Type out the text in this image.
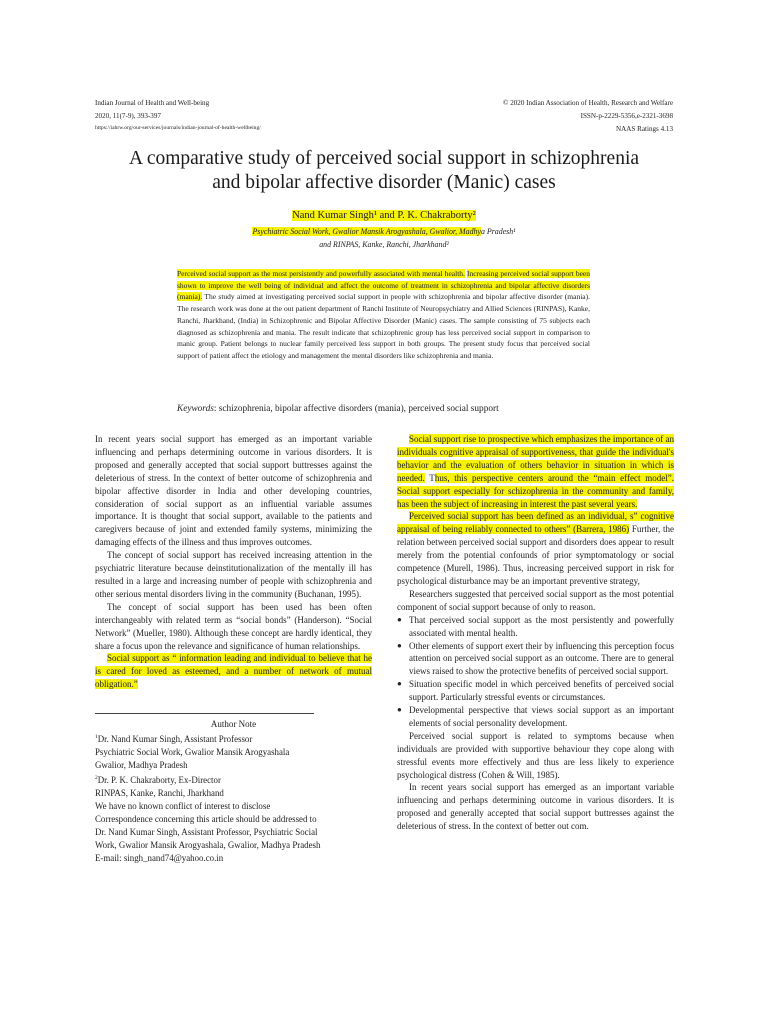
Indian Journal of Health and Well-being
2020, 11(7-9), 393-397
https://iahrw.org/our-services/journals/indian-journal-of-health-wellbeing/
© 2020 Indian Association of Health, Research and Welfare
ISSN-p-2229-5356,e-2321-3698
NAAS Ratings 4.13
A comparative study of perceived social support in schizophrenia
and bipolar affective disorder (Manic) cases
Nand Kumar Singh¹ and P. K. Chakraborty²
Psychiatric Social Work, Gwalior Mansik Arogyashala, Gwalior, Madhya Pradesh¹
and RINPAS, Kanke, Ranchi, Jharkhand²
Perceived social support as the most persistently and powerfully associated with mental health. Increasing perceived social support been shown to improve the well being of individual and affect the outcome of treatment in schizophrenia and bipolar affective disorders (mania). The study aimed at investigating perceived social support in people with schizophrenia and bipolar affective disorder (mania). The research work was done at the out patient department of Ranchi Institute of Neuropsychiatry and Allied Sciences (RINPAS), Kanke, Ranchi, Jharkhand, (India) in Schizophrenic and Bipolar Affective Disorder (Manic) cases. The sample consisting of 75 subjects each diagnosed as schizophrenia and mania. The result indicate that schizophrenic group has less perceived social support in comparison to manic group. Patient belongs to nuclear family perceived less support in both groups. The present study focus that perceived social support of patient affect the etiology and management the mental disorders like schizophrenia and mania.
Keywords: schizophrenia, bipolar affective disorders (mania), perceived social support

In recent years social support has emerged as an important variable influencing and perhaps determining outcome in various disorders. It is proposed and generally accepted that social support buttresses against the deleterious of stress. In the context of better outcome of schizophrenia and bipolar affective disorder in India and other developing countries, consideration of social support as an influential variable assumes importance. It is thought that social support, available to the patients and caregivers because of joint and extended family systems, minimizing the damaging effects of the illness and thus improves outcomes.

The concept of social support has received increasing attention in the psychiatric literature because deinstitutionalization of the mentally ill has resulted in a large and increasing number of people with schizophrenia and other serious mental disorders living in the community (Buchanan, 1995).

The concept of social support has been used has been often interchangeably with related term as “social bonds” (Handerson). “Social Network” (Mueller, 1980). Although these concept are hardly identical, they share a focus upon the relevance and significance of human relationships.

Social support as “ information leading and individual to believe that he is cared for loved as esteemed, and a number of network of mutual obligation.”

Author Note
$^1$Dr. Nand Kumar Singh, Assistant Professor
Psychiatric Social Work, Gwalior Mansik Arogyashala
Gwalior, Madhya Pradesh
$^2$Dr. P. K. Chakraborty, Ex-Director
RINPAS, Kanke, Ranchi, Jharkhand
We have no known conflict of interest to disclose
Correspondence concerning this article should be addressed to
Dr. Nand Kumar Singh, Assistant Professor, Psychiatric Social
Work, Gwalior Mansik Arogyashala, Gwalior, Madhya Pradesh
E-mail: singh_nand74@yahoo.co.in

Social support rise to prospective which emphasizes the importance of an individuals cognitive appraisal of supportiveness, that guide the individual's behavior and the evaluation of others behavior in situation in which is needed. Thus, this perspective centers around the “main effect model”. Social support especially for schizophrenia in the community and family, has been the subject of increasing in interest the past several years.

Perceived social support has been defined as an individual, s” cognitive appraisal of being reliably connected to others” (Barrera, 1986) Further, the relation between perceived social support and disorders does appear to result merely from the potential confounds of prior symptomatology or social competence (Murell, 1986). Thus, increasing perceived support in risk for psychological disturbance may be an important preventive strategy,

Researchers suggested that perceived social support as the most potential component of social support because of only to reason.

● That perceived social support as the most persistently and powerfully associated with mental health.
● Other elements of support exert their by influencing this perception focus attention on perceived social support as an outcome. There are to general views raised to show the protective benefits of perceived social support.
● Situation specific model in which perceived benefits of perceived social support. Particularly stressful events or circumstances.
● Developmental perspective that views social support as an important elements of social personality development.

Perceived social support is related to symptoms because when individuals are provided with supportive behaviour they cope along with stressful events more effectively and thus are less likely to experience psychological distress (Cohen & Will, 1985).

In recent years social support has emerged as an important variable influencing and perhaps determining outcome in various disorders. It is proposed and generally accepted that social support buttresses against the deleterious of stress. In the context of better out com.
